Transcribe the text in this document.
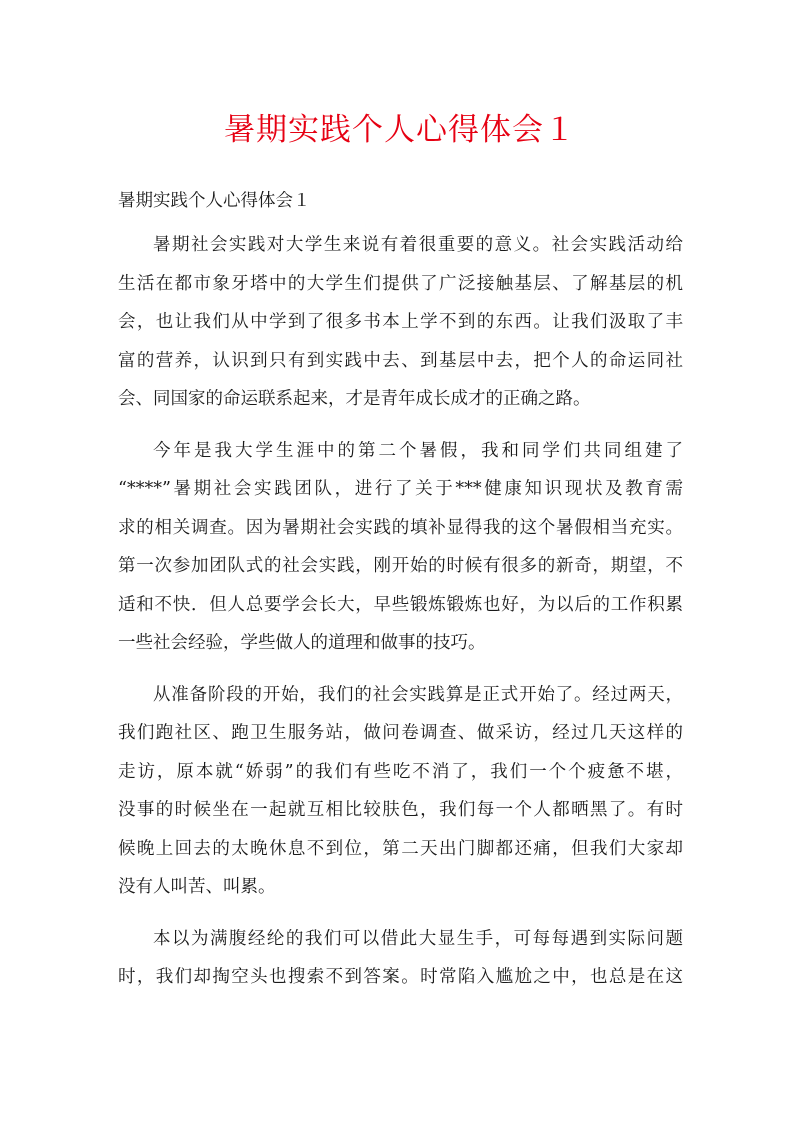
暑期实践个人心得体会１

暑期实践个人心得体会１

暑期社会实践对大学生来说有着很重要的意义。社会实践活动给
生活在都市象牙塔中的大学生们提供了广泛接触基层、了解基层的机
会，也让我们从中学到了很多书本上学不到的东西。让我们汲取了丰
富的营养，认识到只有到实践中去、到基层中去，把个人的命运同社
会、同国家的命运联系起来，才是青年成长成才的正确之路。

今年是我大学生涯中的第二个暑假，我和同学们共同组建了
“****”暑期社会实践团队，进行了关于***健康知识现状及教育需
求的相关调查。因为暑期社会实践的填补显得我的这个暑假相当充实。
第一次参加团队式的社会实践，刚开始的时候有很多的新奇，期望，不
适和不快．但人总要学会长大，早些锻炼锻炼也好，为以后的工作积累
一些社会经验，学些做人的道理和做事的技巧。

从准备阶段的开始，我们的社会实践算是正式开始了。经过两天，
我们跑社区、跑卫生服务站，做问卷调查、做采访，经过几天这样的
走访，原本就“娇弱”的我们有些吃不消了，我们一个个疲惫不堪，
没事的时候坐在一起就互相比较肤色，我们每一个人都晒黑了。有时
候晚上回去的太晚休息不到位，第二天出门脚都还痛，但我们大家却
没有人叫苦、叫累。

本以为满腹经纶的我们可以借此大显生手，可每每遇到实际问题
时，我们却掏空头也搜索不到答案。时常陷入尴尬之中，也总是在这
